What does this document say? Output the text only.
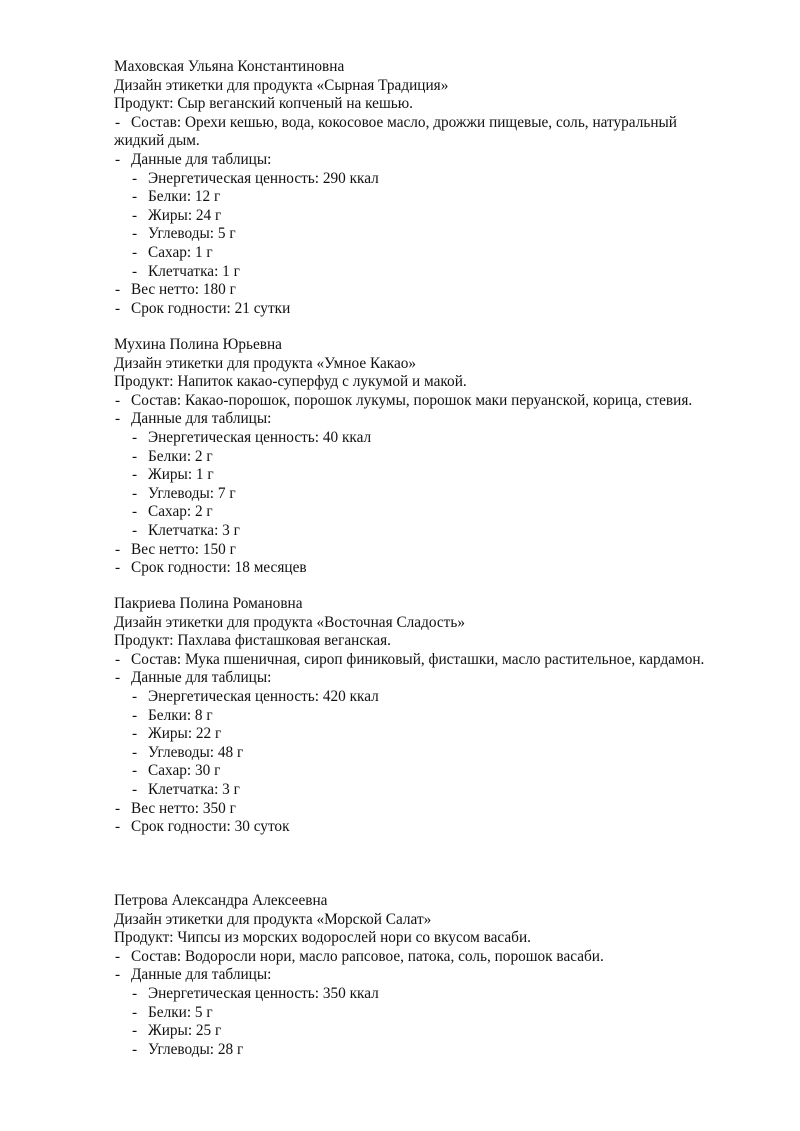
Маховская Ульяна Константиновна
Дизайн этикетки для продукта «Сырная Традиция»
Продукт: Сыр веганский копченый на кешью.
- Состав: Орехи кешью, вода, кокосовое масло, дрожжи пищевые, соль, натуральный
жидкий дым.
- Данные для таблицы:
- Энергетическая ценность: 290 ккал
- Белки: 12 г
- Жиры: 24 г
- Углеводы: 5 г
- Сахар: 1 г
- Клетчатка: 1 г
- Вес нетто: 180 г
- Срок годности: 21 сутки
Мухина Полина Юрьевна
Дизайн этикетки для продукта «Умное Какао»
Продукт: Напиток какао-суперфуд с лукумой и макой.
- Состав: Какао-порошок, порошок лукумы, порошок маки перуанской, корица, стевия.
- Данные для таблицы:
- Энергетическая ценность: 40 ккал
- Белки: 2 г
- Жиры: 1 г
- Углеводы: 7 г
- Сахар: 2 г
- Клетчатка: 3 г
- Вес нетто: 150 г
- Срок годности: 18 месяцев
Пакриева Полина Романовна
Дизайн этикетки для продукта «Восточная Сладость»
Продукт: Пахлава фисташковая веганская.
- Состав: Мука пшеничная, сироп финиковый, фисташки, масло растительное, кардамон.
- Данные для таблицы:
- Энергетическая ценность: 420 ккал
- Белки: 8 г
- Жиры: 22 г
- Углеводы: 48 г
- Сахар: 30 г
- Клетчатка: 3 г
- Вес нетто: 350 г
- Срок годности: 30 суток
Петрова Александра Алексеевна
Дизайн этикетки для продукта «Морской Салат»
Продукт: Чипсы из морских водорослей нори со вкусом васаби.
- Состав: Водоросли нори, масло рапсовое, патока, соль, порошок васаби.
- Данные для таблицы:
- Энергетическая ценность: 350 ккал
- Белки: 5 г
- Жиры: 25 г
- Углеводы: 28 г
